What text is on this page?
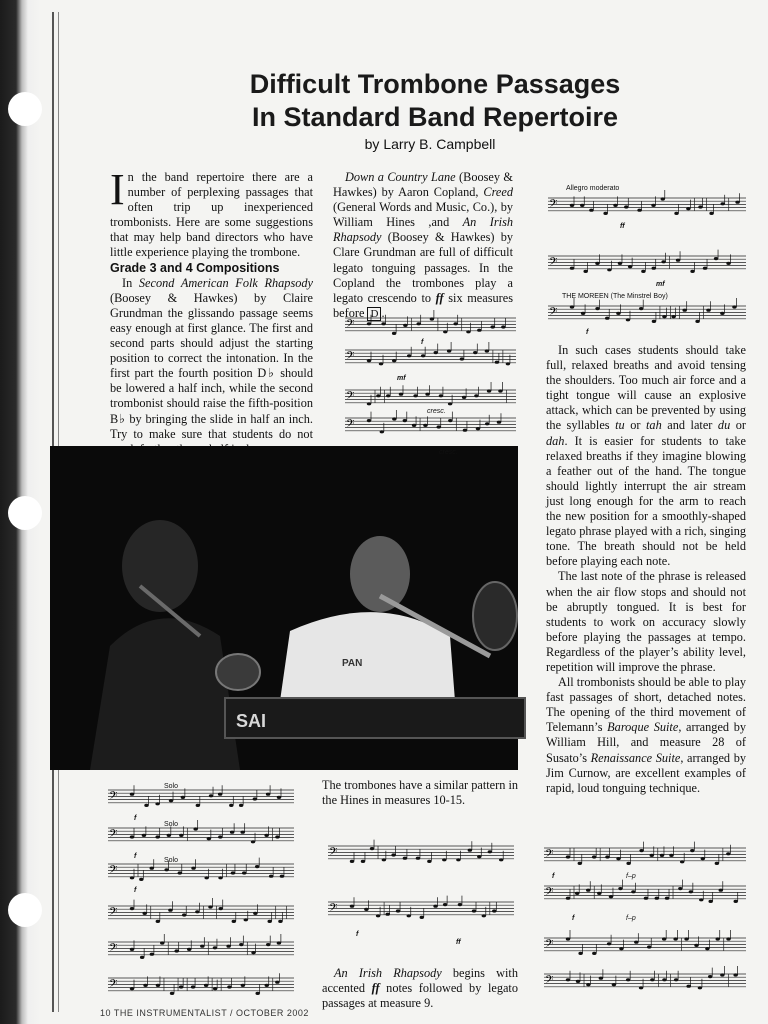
Difficult Trombone Passages
In Standard Band Repertoire

by Larry B. Campbell

In the band repertoire there are a number of perplexing passages that often trip up inexperienced trombonists. Here are some suggestions that may help band directors who have little experience playing the trombone.

Grade 3 and 4 Compositions

In Second American Folk Rhapsody (Boosey & Hawkes) by Claire Grundman the glissando passage seems easy enough at first glance. The first and second parts should adjust the starting position to correct the intonation. In the first part the fourth position D♭ should be lowered a half inch, while the second trombonist should raise the fifth-position B♭ by bringing the slide in half an inch. Try to make sure that students do not

Down a Country Lane (Boosey & Hawkes) by Aaron Copland, Creed (General Words and Music, Co.), by William Hines ,and An Irish Rhapsody (Boosey & Hawkes) by Clare Grundman are full of difficult legato tonguing passages. In the Copland the trombones play a legato crescendo to ff six measures before D .

In such cases students should take full, relaxed breaths and avoid tensing the shoulders. Too much air force and a tight tongue will cause an explosive attack, which can be prevented by using the syllables tu or tah and later du or dah. It is easier for students to take relaxed breaths if they imagine blowing a feather out of the hand. The tongue should lightly interrupt the air stream just long enough for the arm to reach the new position for a smoothly-shaped legato phrase played with a rich, singing tone. The breath should not be held before playing each note.

The last note of the phrase is released when the air flow stops and should not be abruptly tongued. It is best for students to work on accuracy slowly before playing the passages at tempo. Regardless of the player’s ability level, repetition will improve the phrase.

All trombonists should be able to play fast passages of short, detached notes. The opening of the third movement of Telemann’s Baroque Suite, arranged by William Hill, and measure 28 of Susato’s Renaissance Suite, arranged by Jim Curnow, are excellent examples of rapid, loud tonguing technique.

SAI
PAN
𝄢
𝄢
𝄢
𝄢
f
mf
cresc.
cresc.
Allegro moderato
𝄢
ff
𝄢
mf
THE MOREEN (The Minstrel Boy)
𝄢
f
Solo
𝄢
f
Solo
𝄢
f
Solo
𝄢
f
𝄢
𝄢
𝄢

The trombones have a similar pattern in the Hines in measures 10-15.

𝄢
𝄢
f
ff

An Irish Rhapsody begins with accented ff notes followed by legato passages at measure 9.

𝄢
f	f–p
𝄢
f	f–p
𝄢
𝄢
10 THE INSTRUMENTALIST / OCTOBER 2002
